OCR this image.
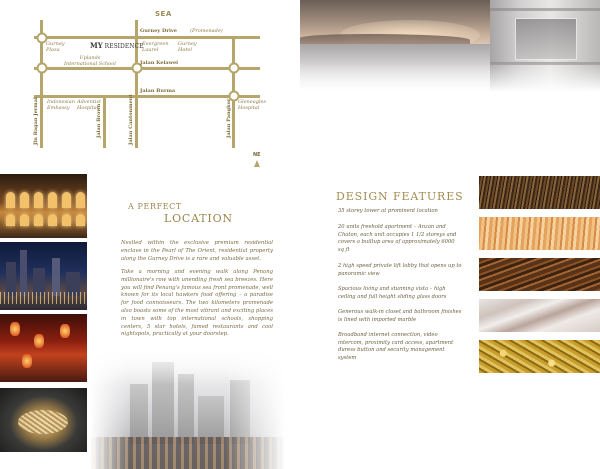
SEA
Gurney Drive	(Promenade)
Jalan Kelawei
Jalan Burma
Gurney
Plaza
Evergreen
Laurel
Gurney
Hotel
Uplands
International School
Indonesian
Embassy
Adventist
Hospital
Gleneagles
Hospital
Jln Bagan Jermal	Jalan Brown	Jalan Cantonment	Jalan Pangkor
MY RESIDENCE
NE
A PERFECT
LOCATION

Nestled within the exclusive premium residential enclave in the Pearl of The Orient, residential property along the Gurney Drive is a rare and valuable asset.

Take a morning and evening walk along Penang millionaire's row with unending fresh sea breezes. Here you will find Penang's famous sea front promenade, well known for its local hawkers food offering – a paradise for food connoisseurs. The two kilometers promenade also boasts some of the most vibrant and exciting places in town with top international schools, shopping centers, 5 star hotels, famed restaurants and cool nightspots, practically at your doorstep.

DESIGN FEATURES

35 storey tower at prominent location

20 units freehold apartment – Anzan and Chaton, each unit occupies 1 1/2 storeys and covers a builtup area of approximately 6000 sq ft

2 high speed private lift lobby that opens up to panoramic view

Spacious living and stunning vista – high ceiling and full height sliding glass doors

Generous walk-in closet and bathroom finishes is lined with imported marble

Broadband internet connection, video intercom, proximity card access, apartment duress button and security management system
